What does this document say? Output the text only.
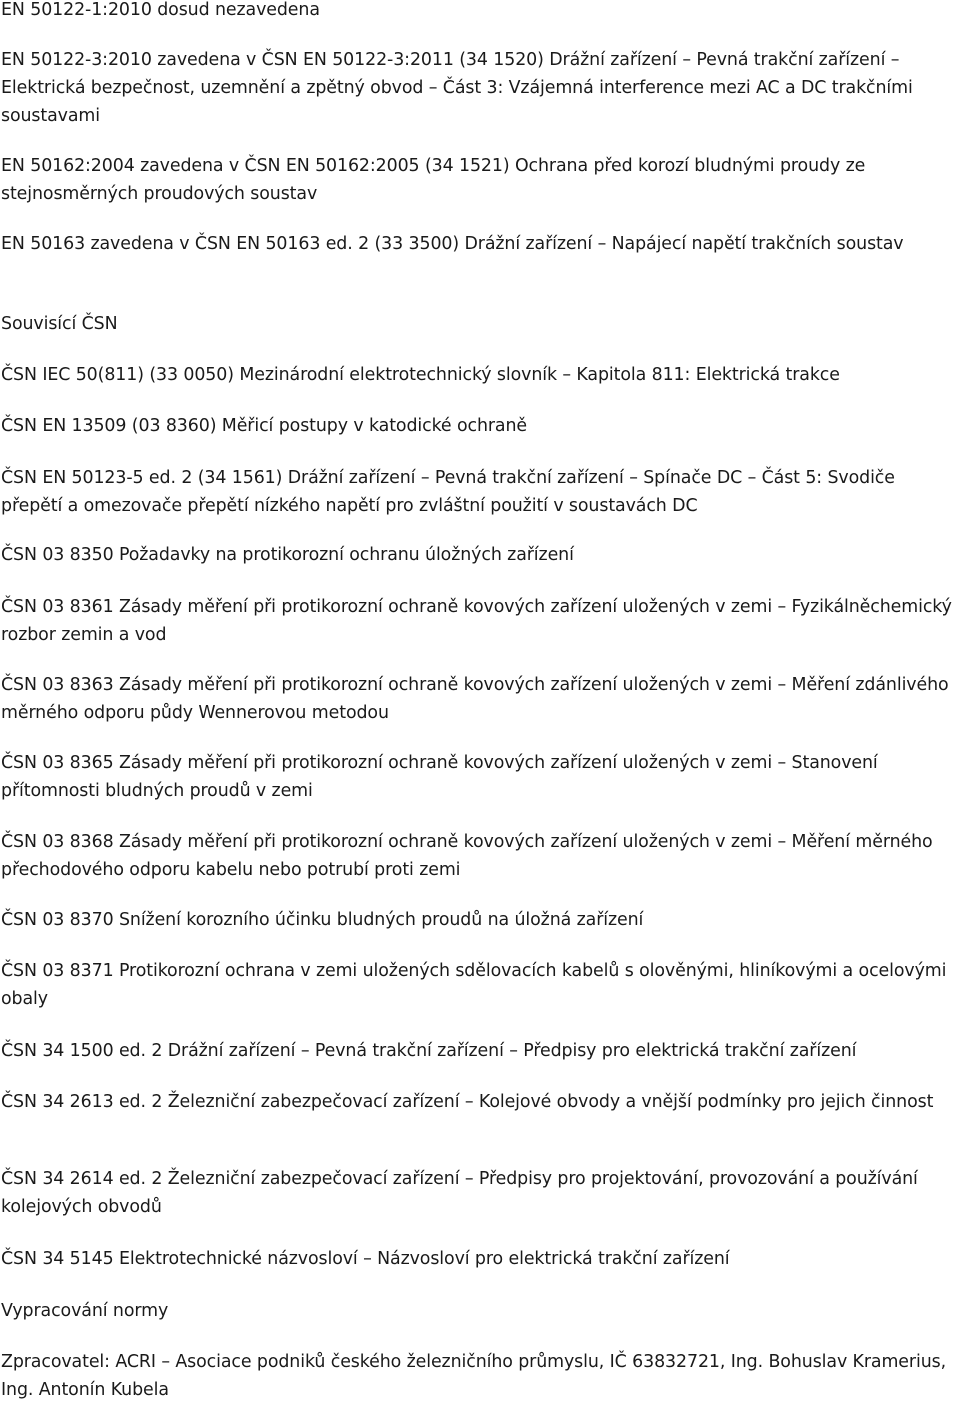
EN 50122-1:2010 dosud nezavedena

EN 50122-3:2010 zavedena v ČSN EN 50122-3:2011 (34 1520) Drážní zařízení – Pevná trakční zařízení – Elektrická bezpečnost, uzemnění a zpětný obvod – Část 3: Vzájemná interference mezi AC a DC trakčními soustavami

EN 50162:2004 zavedena v ČSN EN 50162:2005 (34 1521) Ochrana před korozí bludnými proudy ze stejnosměrných proudových soustav

EN 50163 zavedena v ČSN EN 50163 ed. 2 (33 3500) Drážní zařízení – Napájecí napětí trakčních soustav

Souvisící ČSN

ČSN IEC 50(811) (33 0050) Mezinárodní elektrotechnický slovník – Kapitola 811: Elektrická trakce

ČSN EN 13509 (03 8360) Měřicí postupy v katodické ochraně

ČSN EN 50123-5 ed. 2 (34 1561) Drážní zařízení – Pevná trakční zařízení – Spínače DC – Část 5: Svodiče přepětí a omezovače přepětí nízkého napětí pro zvláštní použití v soustavách DC

ČSN 03 8350 Požadavky na protikorozní ochranu úložných zařízení

ČSN 03 8361 Zásady měření při protikorozní ochraně kovových zařízení uložených v zemi – Fyzikálněchemický rozbor zemin a vod

ČSN 03 8363 Zásady měření při protikorozní ochraně kovových zařízení uložených v zemi – Měření zdánlivého měrného odporu půdy Wennerovou metodou

ČSN 03 8365 Zásady měření při protikorozní ochraně kovových zařízení uložených v zemi – Stanovení přítomnosti bludných proudů v zemi

ČSN 03 8368 Zásady měření při protikorozní ochraně kovových zařízení uložených v zemi – Měření měrného přechodového odporu kabelu nebo potrubí proti zemi

ČSN 03 8370 Snížení korozního účinku bludných proudů na úložná zařízení

ČSN 03 8371 Protikorozní ochrana v zemi uložených sdělovacích kabelů s olověnými, hliníkovými a ocelovými obaly

ČSN 34 1500 ed. 2 Drážní zařízení – Pevná trakční zařízení – Předpisy pro elektrická trakční zařízení

ČSN 34 2613 ed. 2 Železniční zabezpečovací zařízení – Kolejové obvody a vnější podmínky pro jejich činnost

ČSN 34 2614 ed. 2 Železniční zabezpečovací zařízení – Předpisy pro projektování, provozování a používání kolejových obvodů

ČSN 34 5145 Elektrotechnické názvosloví – Názvosloví pro elektrická trakční zařízení

Vypracování normy

Zpracovatel: ACRI – Asociace podniků českého železničního průmyslu, IČ 63832721, Ing. Bohuslav Kramerius, Ing. Antonín Kubela
